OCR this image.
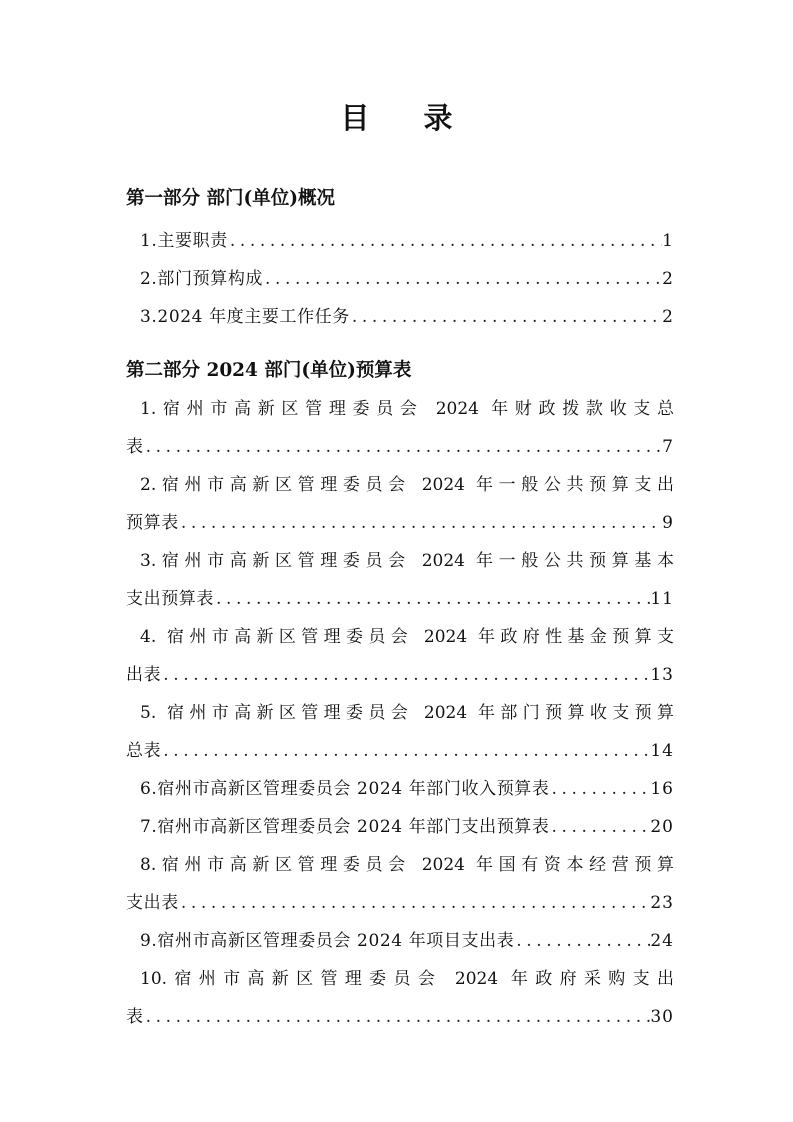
目 录
第一部分 部门(单位)概况
1.主要职责 .....	1
2.部门预算构成 .....	2
3.2024 年度主要工作任务 .....	2
第二部分 2024 部门(单位)预算表
1.宿州市高新区管理委员会 2024 年财政拨款收支总
表 .....	7
2.宿州市高新区管理委员会 2024 年一般公共预算支出
预算表 .....	9
3.宿州市高新区管理委员会 2024 年一般公共预算基本
支出预算表 .....	11
4. 宿州市高新区管理委员会 2024 年政府性基金预算支
出表 .....	13
5. 宿州市高新区管理委员会 2024 年部门预算收支预算
总表 .....	14
6.宿州市高新区管理委员会 2024 年部门收入预算表 .....	16
7.宿州市高新区管理委员会 2024 年部门支出预算表 .....	20
8.宿州市高新区管理委员会 2024 年国有资本经营预算
支出表 .....	23
9.宿州市高新区管理委员会 2024 年项目支出表 .....	24
10.宿州市高新区管理委员会 2024 年政府采购支出
表 .....	30
